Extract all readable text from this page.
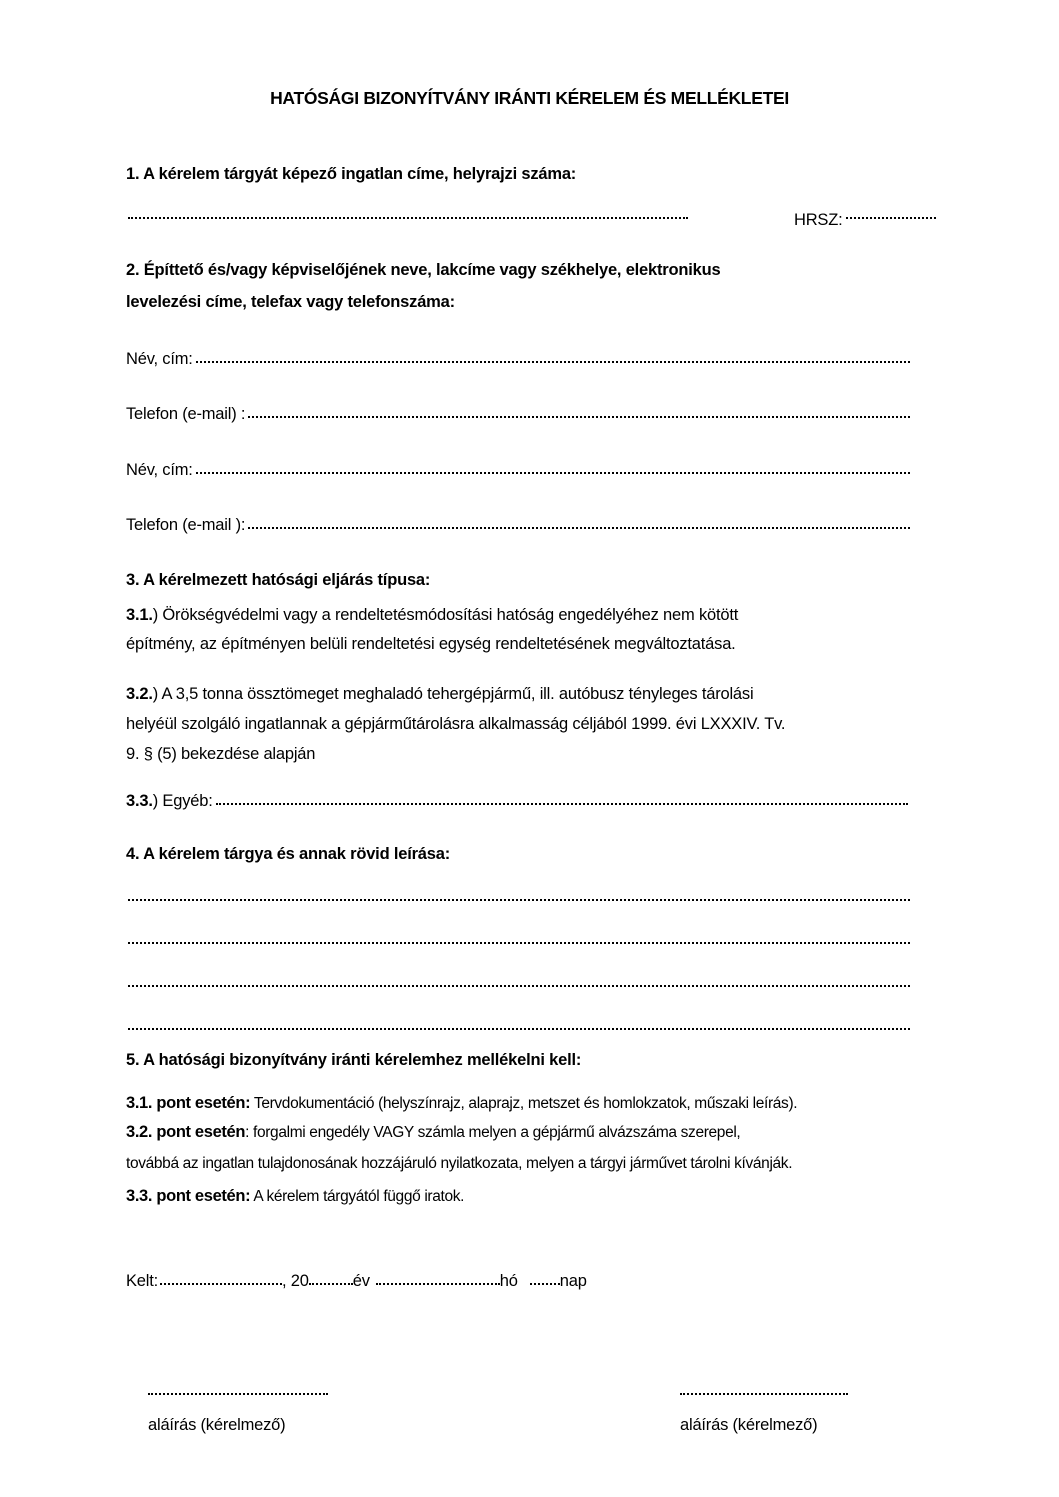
HATÓSÁGI BIZONYÍTVÁNY IRÁNTI KÉRELEM ÉS MELLÉKLETEI
1. A kérelem tárgyát képező ingatlan címe, helyrajzi száma:
HRSZ:
2. Építtető és/vagy képviselőjének neve, lakcíme vagy székhelye, elektronikus
levelezési címe, telefax vagy telefonszáma:
Név, cím:
Telefon (e-mail) :
Név, cím:
Telefon (e-mail ):
3. A kérelmezett hatósági eljárás típusa:
3.1.) Örökségvédelmi vagy a rendeltetésmódosítási hatóság engedélyéhez nem kötött
építmény, az építményen belüli rendeltetési egység rendeltetésének megváltoztatása.
3.2.) A 3,5 tonna össztömeget meghaladó tehergépjármű, ill. autóbusz tényleges tárolási
helyéül szolgáló ingatlannak a gépjárműtárolásra alkalmasság céljából 1999. évi LXXXIV. Tv.
9. § (5) bekezdése alapján
3.3. ) Egyéb:
4. A kérelem tárgya és annak rövid leírása:
5. A hatósági bizonyítvány iránti kérelemhez mellékelni kell:
3.1. pont esetén: Tervdokumentáció (helyszínrajz, alaprajz, metszet és homlokzatok, műszaki leírás).
3.2. pont esetén: forgalmi engedély VAGY számla melyen a gépjármű alvázszáma szerepel,
továbbá az ingatlan tulajdonosának hozzájáruló nyilatkozata, melyen a tárgyi járművet tárolni kívánják.
3.3. pont esetén: A kérelem tárgyától függő iratok.
Kelt:	, 20	év	hó	nap
aláírás (kérelmező)	aláírás (kérelmező)
